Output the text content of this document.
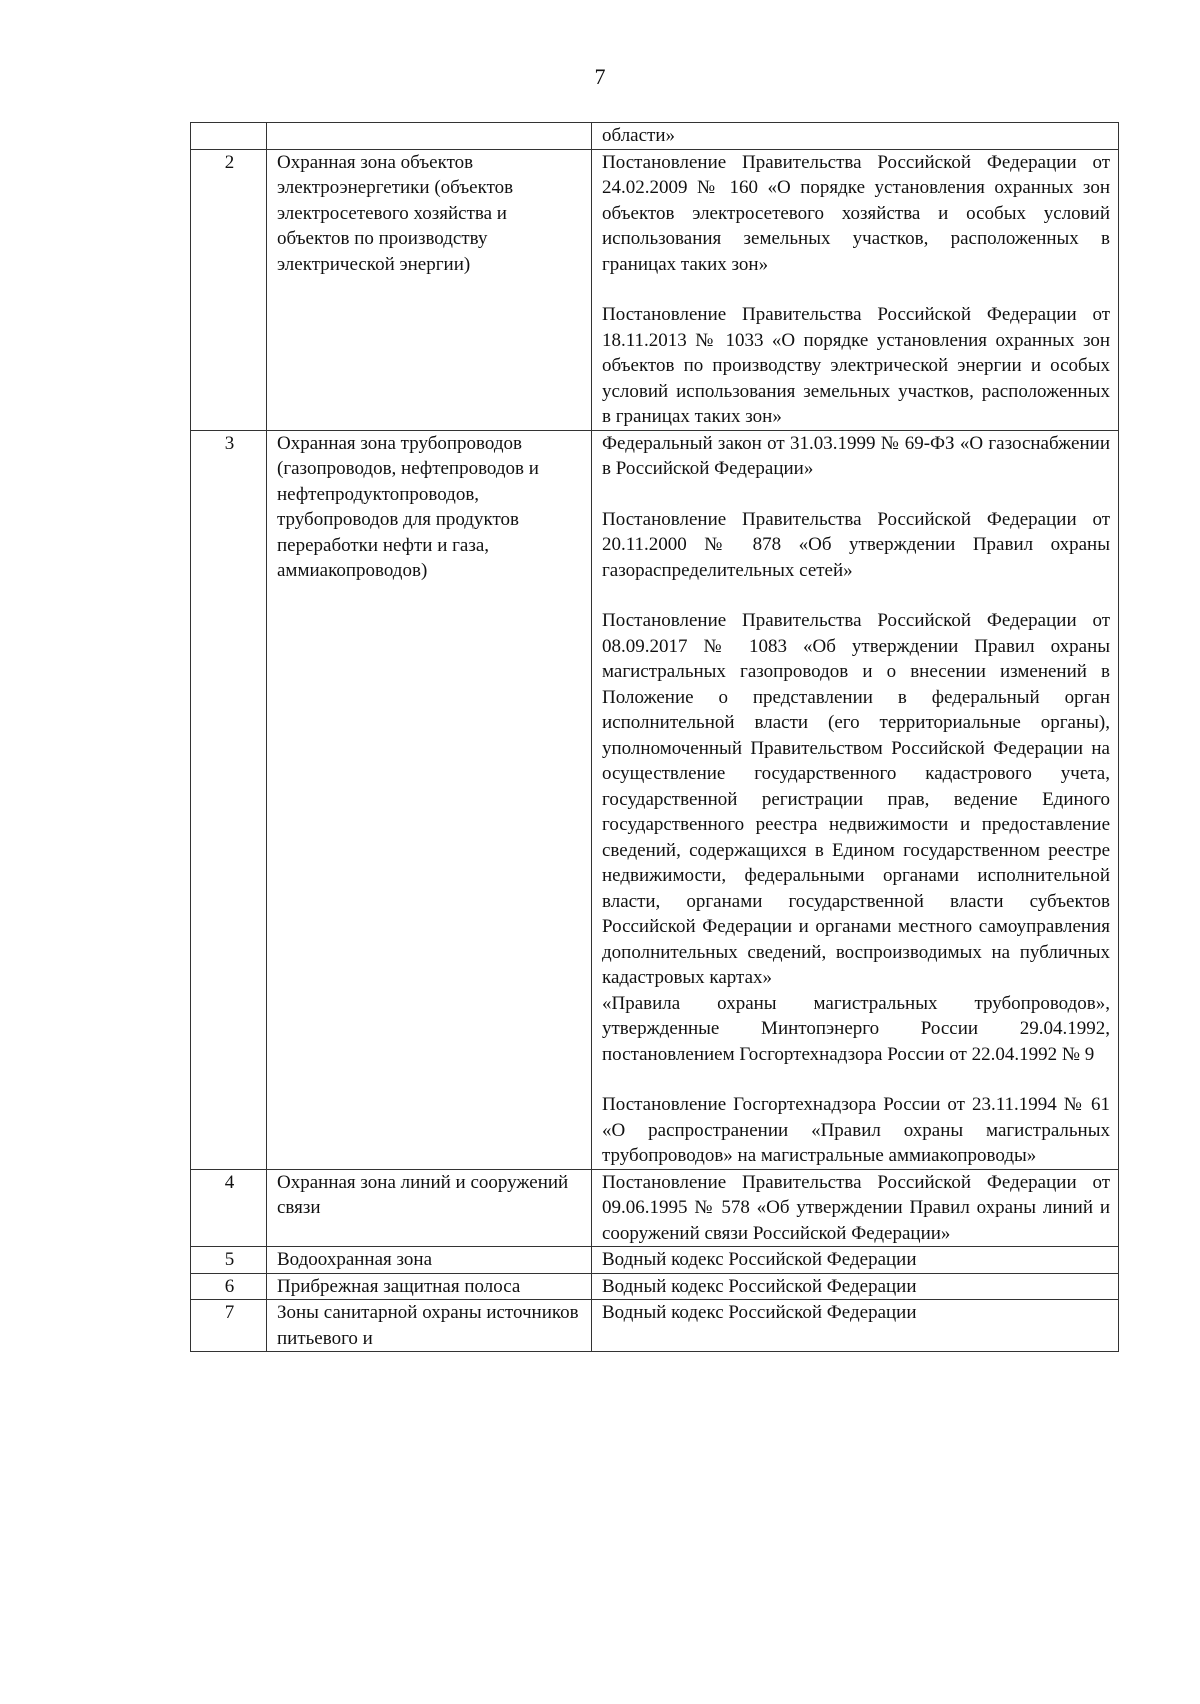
7

		области»

2	Охранная зона объектов электроэнергетики (объектов электросетевого хозяйства и объектов по производству электрической энергии)	Постановление Правительства Российской Федерации от 24.02.2009 № 160 «О порядке установления охранных зон объектов электросетевого хозяйства и особых условий использования земельных участков, расположенных в границах таких зон»
Постановление Правительства Российской Федерации от 18.11.2013 № 1033 «О порядке установления охранных зон объектов по производству электрической энергии и особых условий использования земельных участков, расположенных в границах таких зон»

3	Охранная зона трубопроводов (газопроводов, нефтепроводов и нефтепродуктопроводов, трубопроводов для продуктов переработки нефти и газа, аммиакопроводов)	Федеральный закон от 31.03.1999 № 69-ФЗ «О газоснабжении в Российской Федерации»
Постановление Правительства Российской Федерации от 20.11.2000 № 878 «Об утверждении Правил охраны газораспределительных сетей»
Постановление Правительства Российской Федерации от 08.09.2017 № 1083 «Об утверждении Правил охраны магистральных газопроводов и о внесении изменений в Положение о представлении в федеральный орган исполнительной власти (его территориальные органы), уполномоченный Правительством Российской Федерации на осуществление государственного кадастрового учета, государственной регистрации прав, ведение Единого государственного реестра недвижимости и предоставление сведений, содержащихся в Едином государственном реестре недвижимости, федеральными органами исполнительной власти, органами государственной власти субъектов Российской Федерации и органами местного самоуправления дополнительных сведений, воспроизводимых на публичных кадастровых картах»
«Правила охраны магистральных трубопроводов», утвержденные Минтопэнерго России 29.04.1992, постановлением Госгортехнадзора России от 22.04.1992 № 9
Постановление Госгортехнадзора России от 23.11.1994 № 61 «О распространении «Правил охраны магистральных трубопроводов» на магистральные аммиакопроводы»

4	Охранная зона линий и сооружений связи	Постановление Правительства Российской Федерации от 09.06.1995 № 578 «Об утверждении Правил охраны линий и сооружений связи Российской Федерации»

5	Водоохранная зона	Водный кодекс Российской Федерации

6	Прибрежная защитная полоса	Водный кодекс Российской Федерации

7	Зоны санитарной охраны источников питьевого и	Водный кодекс Российской Федерации
